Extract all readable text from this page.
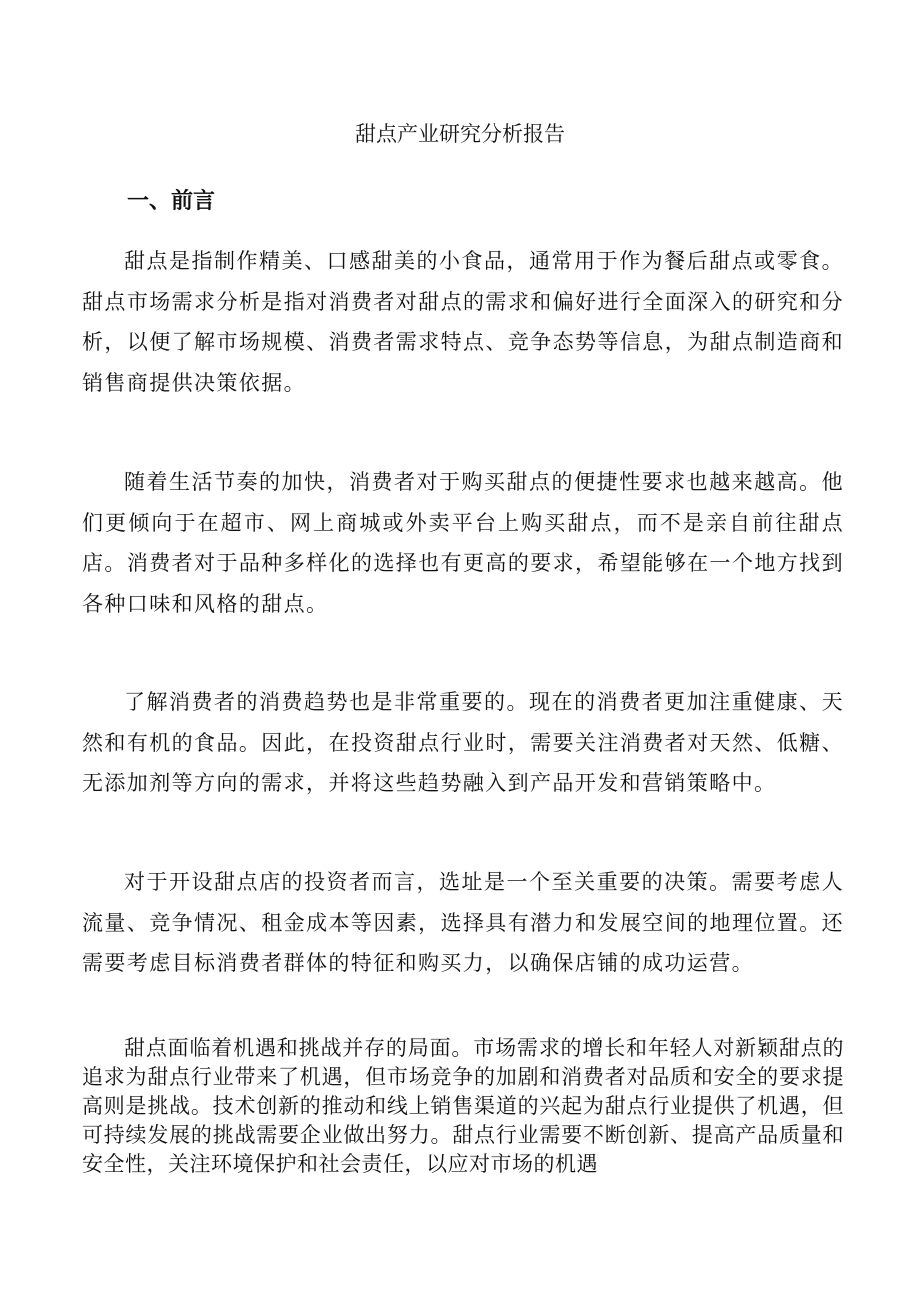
甜点产业研究分析报告
一、前言

甜点是指制作精美、口感甜美的小食品，通常用于作为餐后甜点或零食。甜点市场需求分析是指对消费者对甜点的需求和偏好进行全面深入的研究和分析，以便了解市场规模、消费者需求特点、竞争态势等信息，为甜点制造商和销售商提供决策依据。

随着生活节奏的加快，消费者对于购买甜点的便捷性要求也越来越高。他们更倾向于在超市、网上商城或外卖平台上购买甜点，而不是亲自前往甜点店。消费者对于品种多样化的选择也有更高的要求，希望能够在一个地方找到各种口味和风格的甜点。

了解消费者的消费趋势也是非常重要的。现在的消费者更加注重健康、天然和有机的食品。因此，在投资甜点行业时，需要关注消费者对天然、低糖、无添加剂等方向的需求，并将这些趋势融入到产品开发和营销策略中。

对于开设甜点店的投资者而言，选址是一个至关重要的决策。需要考虑人流量、竞争情况、租金成本等因素，选择具有潜力和发展空间的地理位置。还需要考虑目标消费者群体的特征和购买力，以确保店铺的成功运营。

甜点面临着机遇和挑战并存的局面。市场需求的增长和年轻人对新颖甜点的追求为甜点行业带来了机遇，但市场竞争的加剧和消费者对品质和安全的要求提高则是挑战。技术创新的推动和线上销售渠道的兴起为甜点行业提供了机遇，但可持续发展的挑战需要企业做出努力。甜点行业需要不断创新、提高产品质量和安全性，关注环境保护和社会责任，以应对市场的机遇
